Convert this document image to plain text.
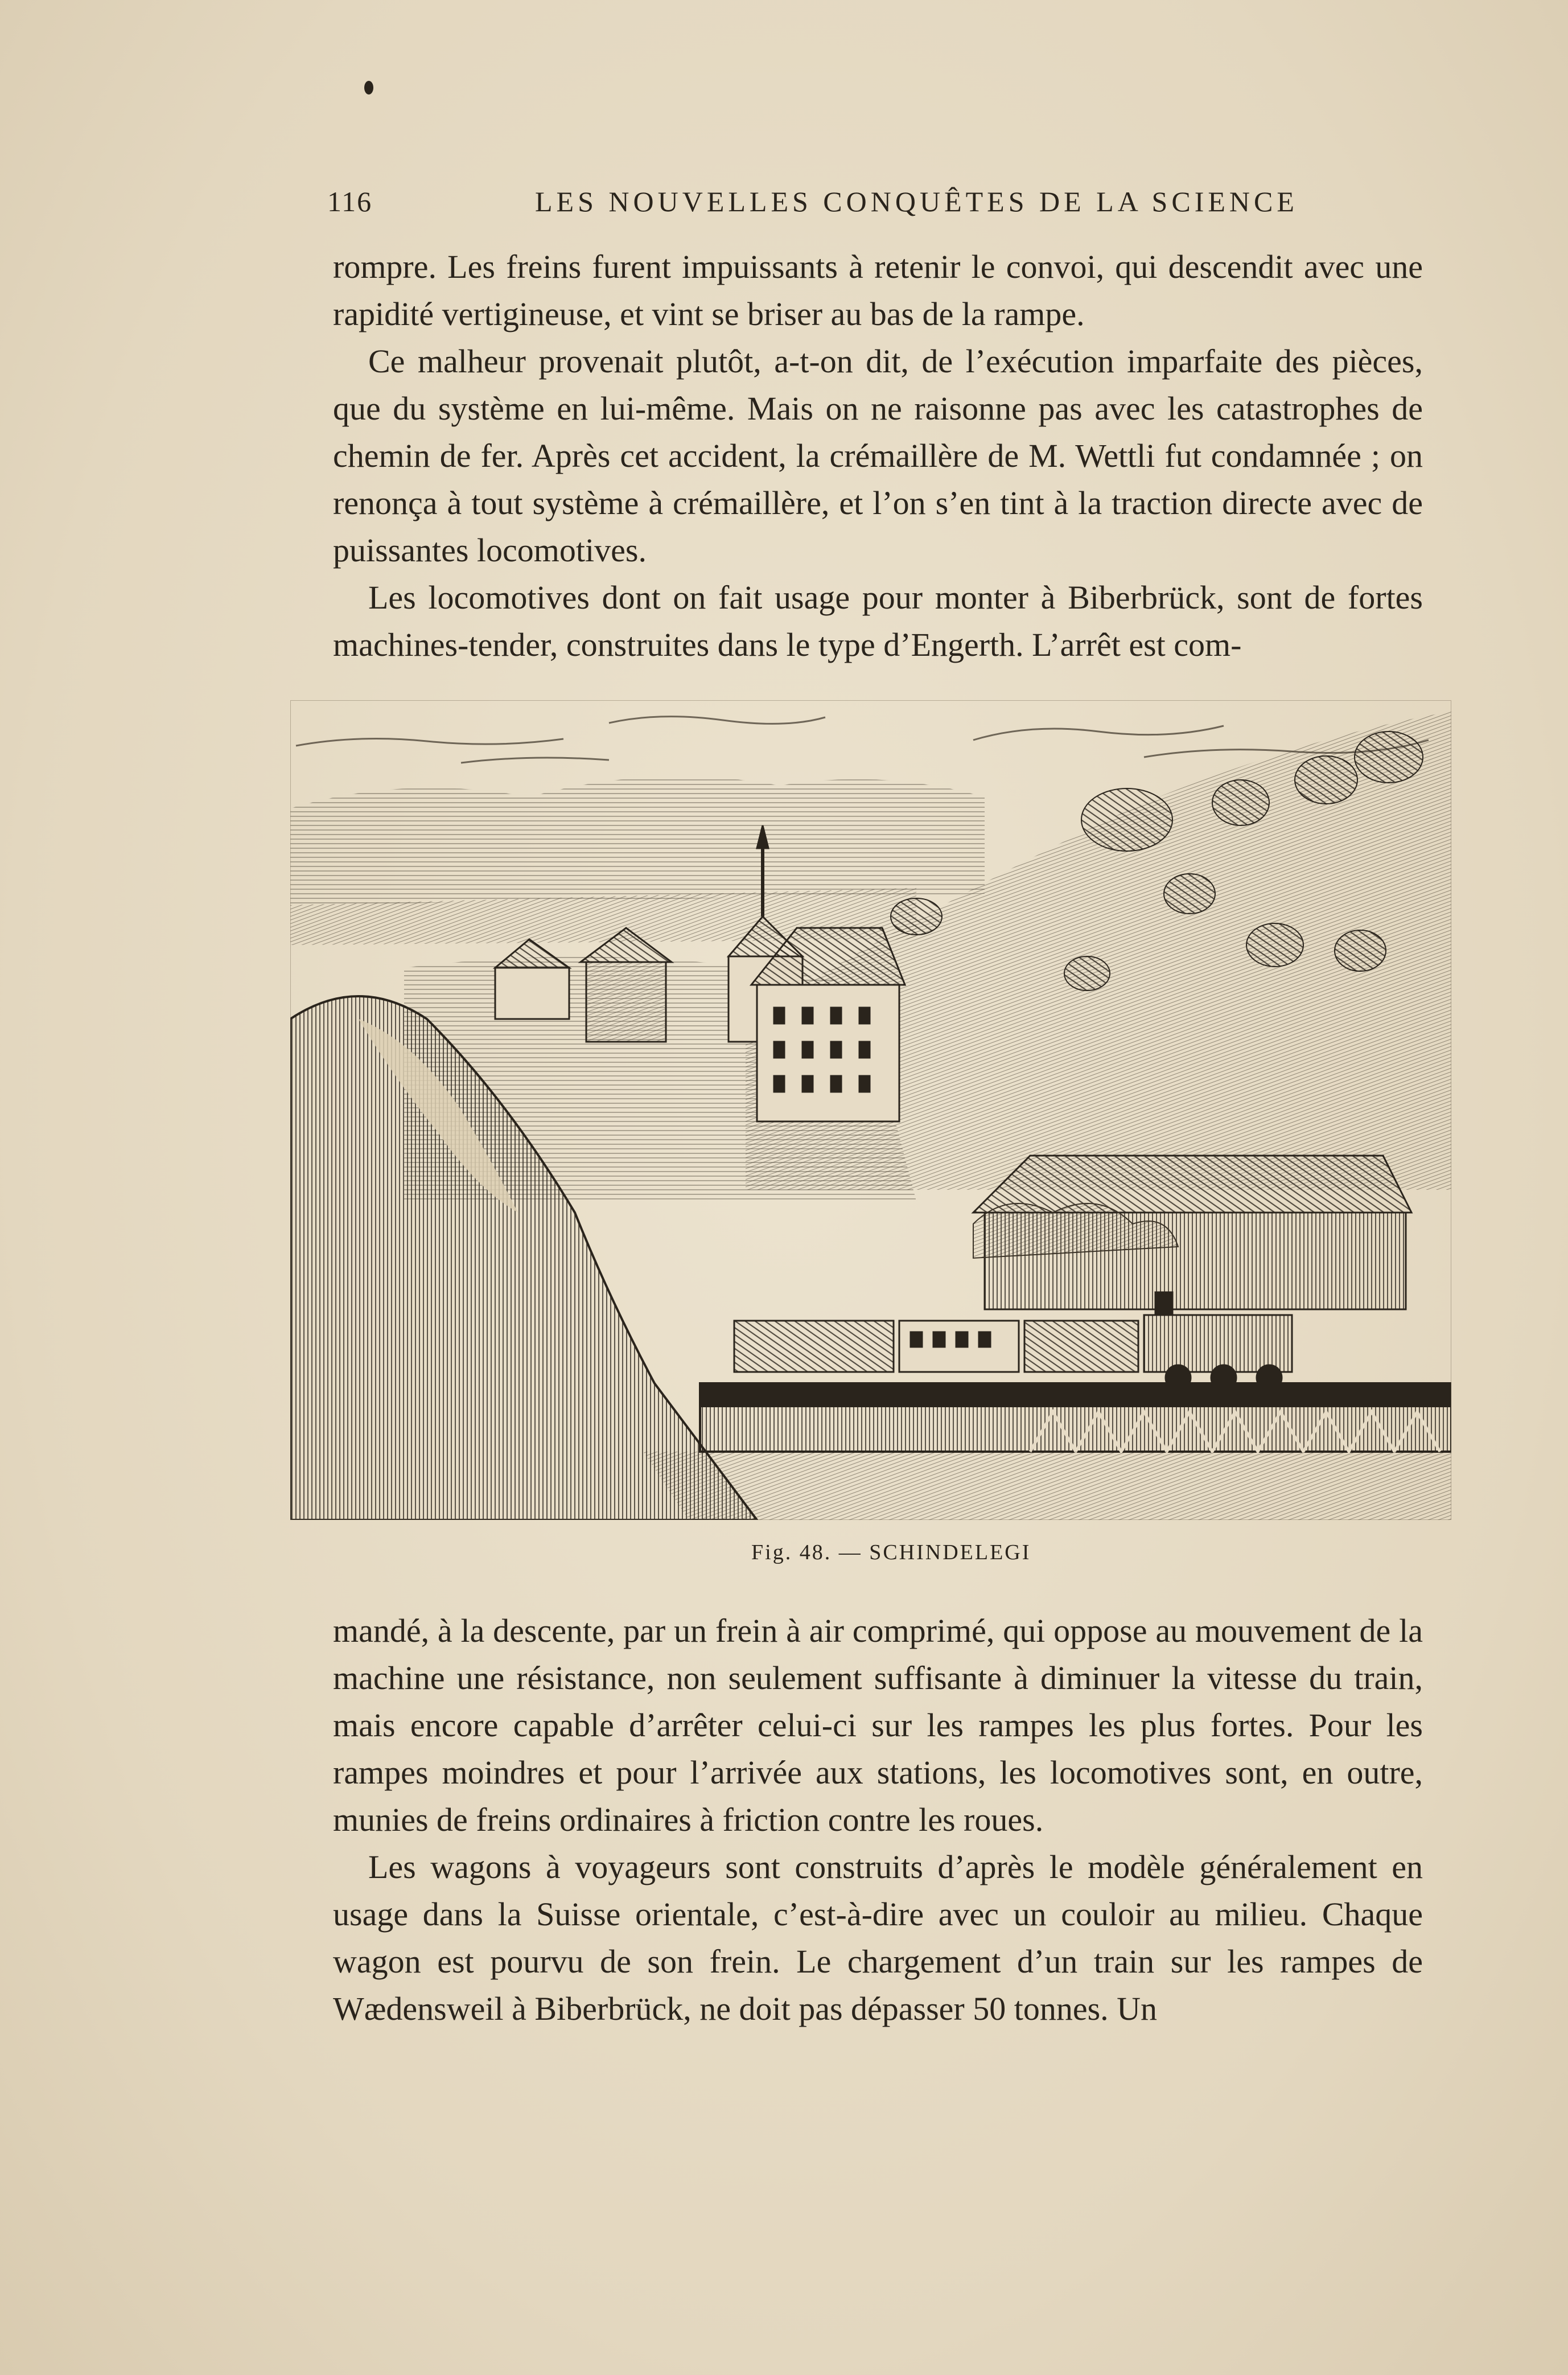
116	LES NOUVELLES CONQUÊTES DE LA SCIENCE

rompre. Les freins furent impuissants à retenir le convoi, qui descendit avec une rapidité vertigineuse, et vint se briser au bas de la rampe.

Ce malheur provenait plutôt, a-t-on dit, de l’exécution imparfaite des pièces, que du système en lui-même. Mais on ne raisonne pas avec les catastrophes de chemin de fer. Après cet accident, la crémaillère de M. Wettli fut condamnée ; on renonça à tout système à crémaillère, et l’on s’en tint à la traction directe avec de puissantes locomotives.

Les locomotives dont on fait usage pour monter à Biberbrück, sont de fortes machines-tender, construites dans le type d’Engerth. L’arrêt est com-

Fig. 48. — SCHINDELEGI

mandé, à la descente, par un frein à air comprimé, qui oppose au mouvement de la machine une résistance, non seulement suffisante à diminuer la vitesse du train, mais encore capable d’arrêter celui-ci sur les rampes les plus fortes. Pour les rampes moindres et pour l’arrivée aux stations, les locomotives sont, en outre, munies de freins ordinaires à friction contre les roues.

Les wagons à voyageurs sont construits d’après le modèle généralement en usage dans la Suisse orientale, c’est-à-dire avec un couloir au milieu. Chaque wagon est pourvu de son frein. Le chargement d’un train sur les rampes de Wædensweil à Biberbrück, ne doit pas dépasser 50 tonnes. Un
